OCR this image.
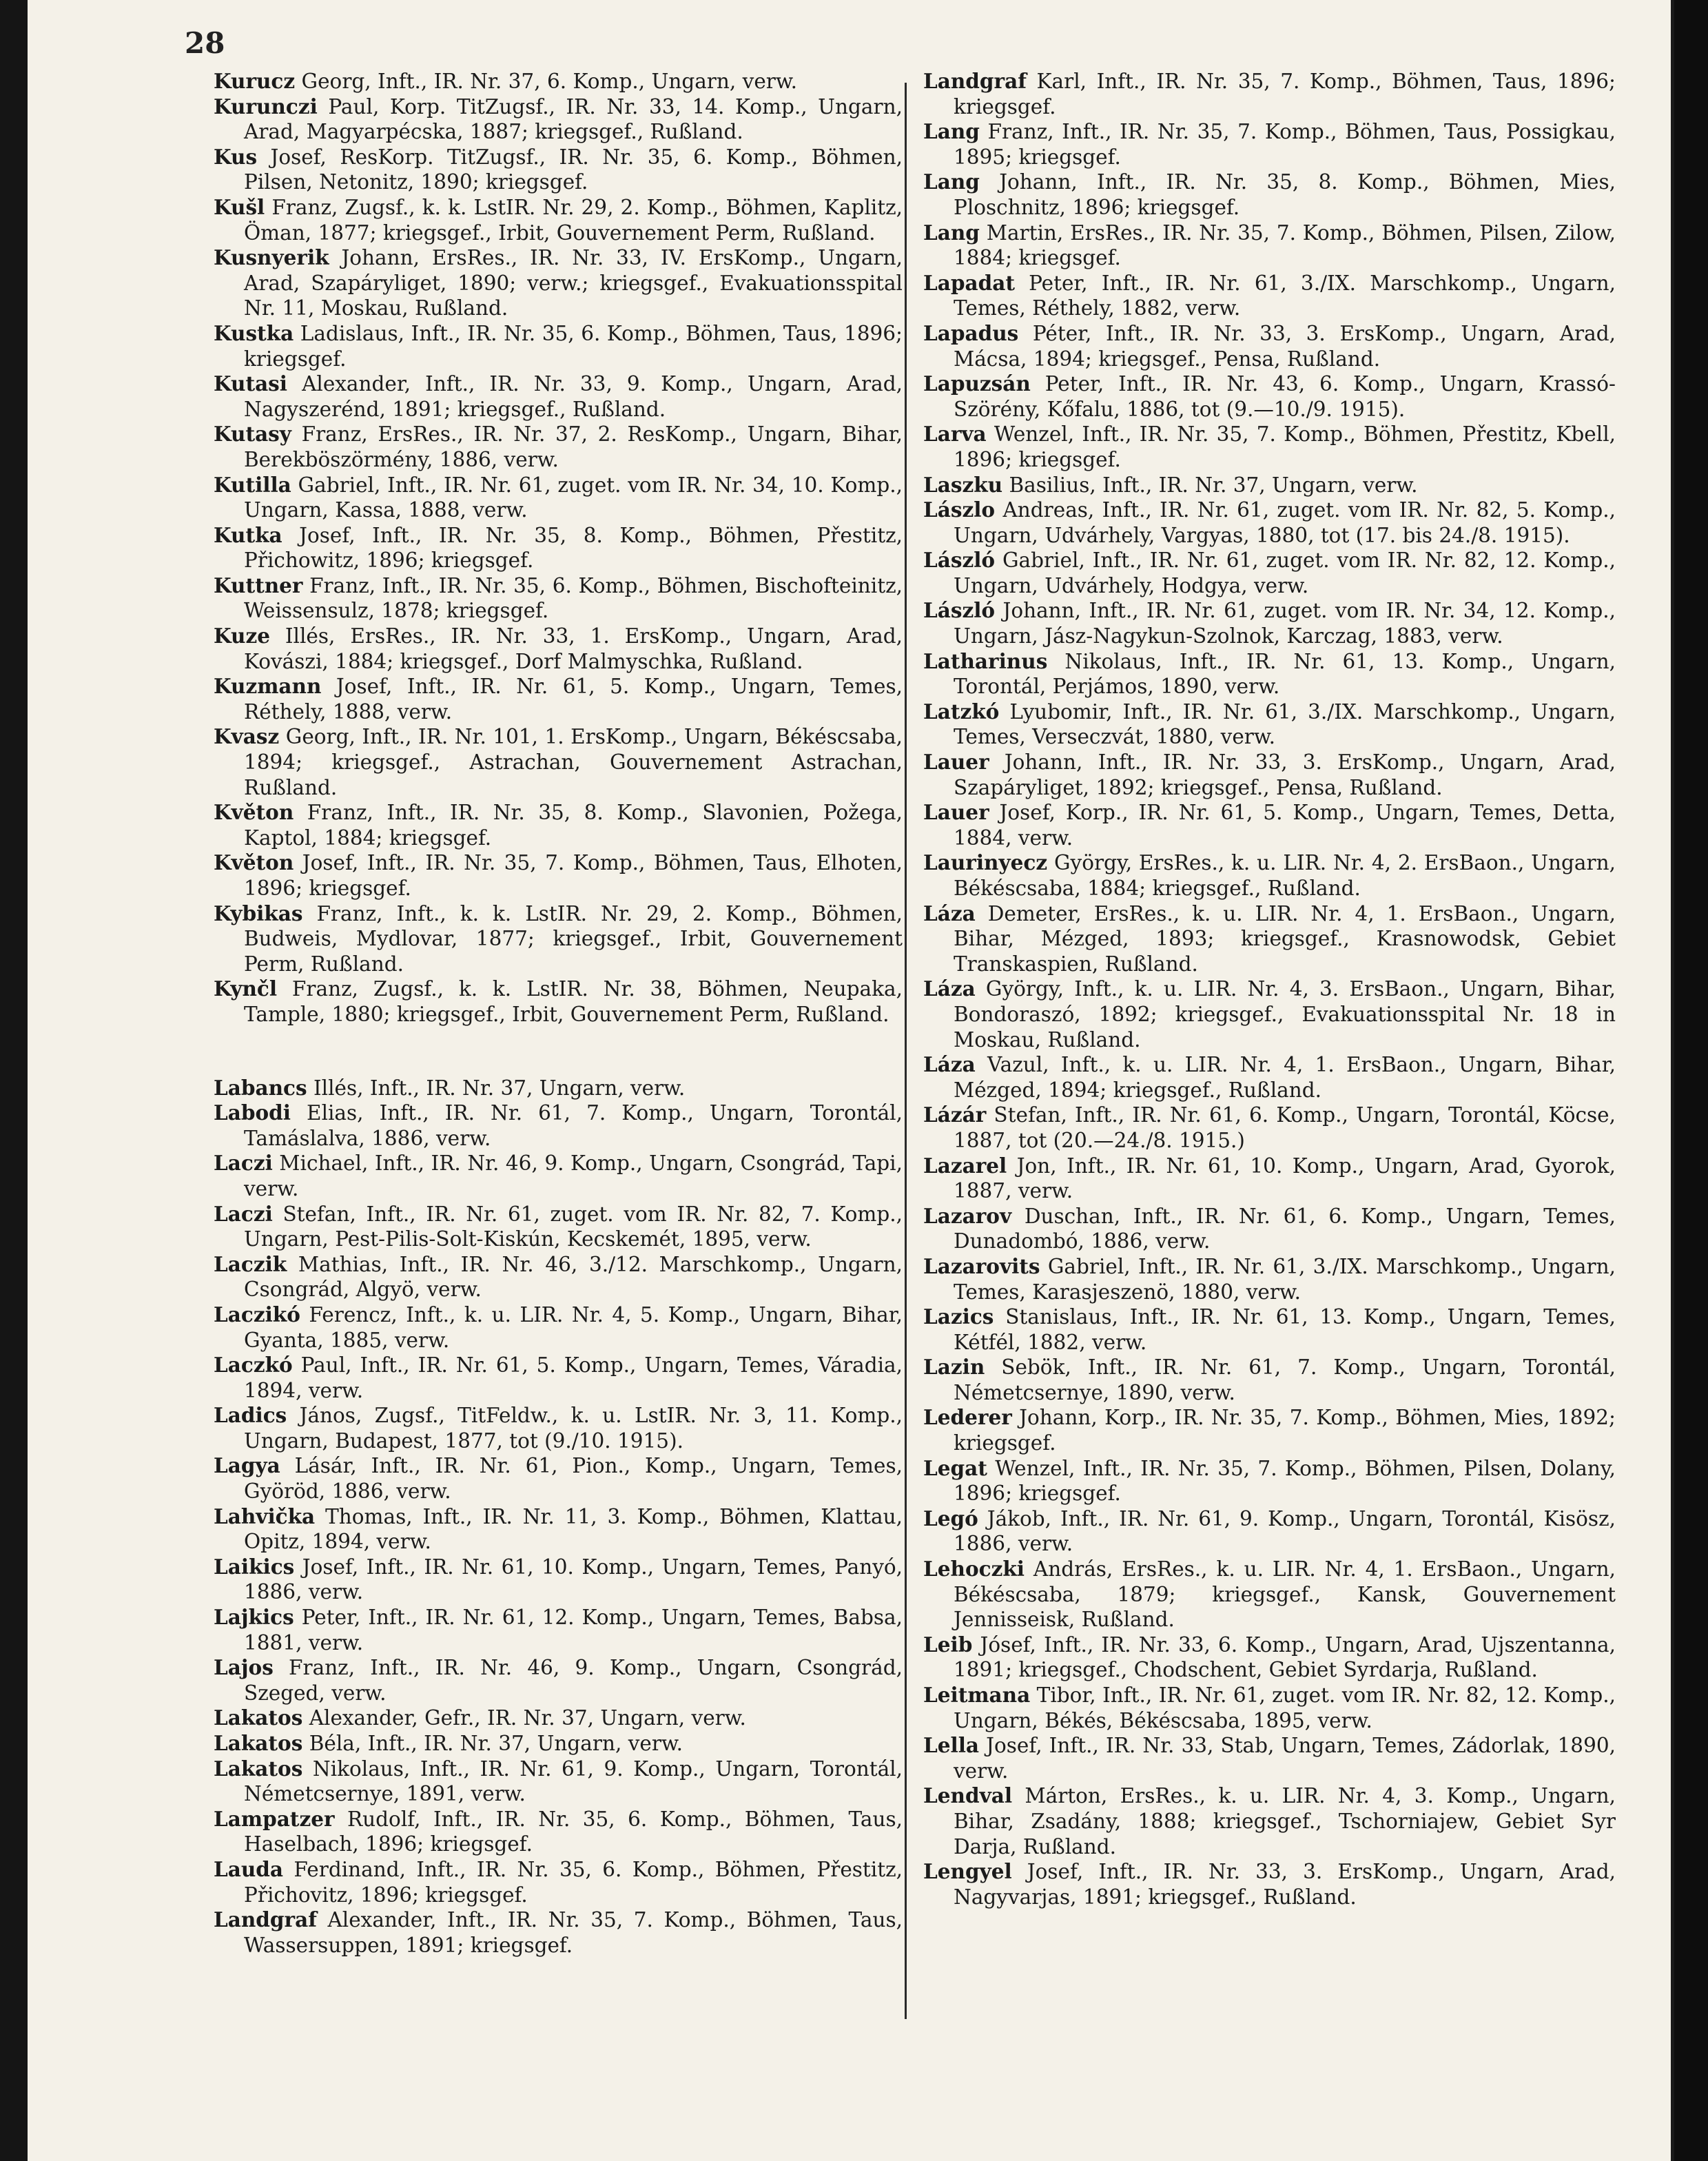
28

Kurucz Georg, Inft., IR. Nr. 37, 6. Komp., Ungarn, verw.

Kurunczi Paul, Korp. TitZugsf., IR. Nr. 33, 14. Komp., Ungarn, Arad, Magyarpécska, 1887; kriegsgef., Rußland.

Kus Josef, ResKorp. TitZugsf., IR. Nr. 35, 6. Komp., Böhmen, Pilsen, Netonitz, 1890; kriegsgef.

Kušl Franz, Zugsf., k. k. LstIR. Nr. 29, 2. Komp., Böhmen, Kaplitz, Öman, 1877; kriegsgef., Irbit, Gouvernement Perm, Rußland.

Kusnyerik Johann, ErsRes., IR. Nr. 33, IV. ErsKomp., Ungarn, Arad, Szapáryliget, 1890; verw.; kriegsgef., Evakuationsspital Nr. 11, Moskau, Rußland.

Kustka Ladislaus, Inft., IR. Nr. 35, 6. Komp., Böhmen, Taus, 1896; kriegsgef.

Kutasi Alexander, Inft., IR. Nr. 33, 9. Komp., Ungarn, Arad, Nagyszerénd, 1891; kriegsgef., Rußland.

Kutasy Franz, ErsRes., IR. Nr. 37, 2. ResKomp., Ungarn, Bihar, Berekböszörmény, 1886, verw.

Kutilla Gabriel, Inft., IR. Nr. 61, zuget. vom IR. Nr. 34, 10. Komp., Ungarn, Kassa, 1888, verw.

Kutka Josef, Inft., IR. Nr. 35, 8. Komp., Böhmen, Přestitz, Přichowitz, 1896; kriegsgef.

Kuttner Franz, Inft., IR. Nr. 35, 6. Komp., Böhmen, Bischofteinitz, Weissensulz, 1878; kriegsgef.

Kuze Illés, ErsRes., IR. Nr. 33, 1. ErsKomp., Ungarn, Arad, Kovászi, 1884; kriegsgef., Dorf Malmyschka, Rußland.

Kuzmann Josef, Inft., IR. Nr. 61, 5. Komp., Ungarn, Temes, Réthely, 1888, verw.

Kvasz Georg, Inft., IR. Nr. 101, 1. ErsKomp., Ungarn, Békéscsaba, 1894; kriegsgef., Astrachan, Gouvernement Astrachan, Rußland.

Květon Franz, Inft., IR. Nr. 35, 8. Komp., Slavonien, Požega, Kaptol, 1884; kriegsgef.

Květon Josef, Inft., IR. Nr. 35, 7. Komp., Böhmen, Taus, Elhoten, 1896; kriegsgef.

Kybikas Franz, Inft., k. k. LstIR. Nr. 29, 2. Komp., Böhmen, Budweis, Mydlovar, 1877; kriegsgef., Irbit, Gouvernement Perm, Rußland.

Kynčl Franz, Zugsf., k. k. LstIR. Nr. 38, Böhmen, Neupaka, Tample, 1880; kriegsgef., Irbit, Gouvernement Perm, Rußland.

Labancs Illés, Inft., IR. Nr. 37, Ungarn, verw.

Labodi Elias, Inft., IR. Nr. 61, 7. Komp., Ungarn, Torontál, Tamáslalva, 1886, verw.

Laczi Michael, Inft., IR. Nr. 46, 9. Komp., Ungarn, Csongrád, Tapi, verw.

Laczi Stefan, Inft., IR. Nr. 61, zuget. vom IR. Nr. 82, 7. Komp., Ungarn, Pest-Pilis-Solt-Kiskún, Kecskemét, 1895, verw.

Laczik Mathias, Inft., IR. Nr. 46, 3./12. Marschkomp., Ungarn, Csongrád, Algyö, verw.

Laczikó Ferencz, Inft., k. u. LIR. Nr. 4, 5. Komp., Ungarn, Bihar, Gyanta, 1885, verw.

Laczkó Paul, Inft., IR. Nr. 61, 5. Komp., Ungarn, Temes, Váradia, 1894, verw.

Ladics János, Zugsf., TitFeldw., k. u. LstIR. Nr. 3, 11. Komp., Ungarn, Budapest, 1877, tot (9./10. 1915).

Lagya Lásár, Inft., IR. Nr. 61, Pion., Komp., Ungarn, Temes, Györöd, 1886, verw.

Lahvička Thomas, Inft., IR. Nr. 11, 3. Komp., Böhmen, Klattau, Opitz, 1894, verw.

Laikics Josef, Inft., IR. Nr. 61, 10. Komp., Ungarn, Temes, Panyó, 1886, verw.

Lajkics Peter, Inft., IR. Nr. 61, 12. Komp., Ungarn, Temes, Babsa, 1881, verw.

Lajos Franz, Inft., IR. Nr. 46, 9. Komp., Ungarn, Csongrád, Szeged, verw.

Lakatos Alexander, Gefr., IR. Nr. 37, Ungarn, verw.

Lakatos Béla, Inft., IR. Nr. 37, Ungarn, verw.

Lakatos Nikolaus, Inft., IR. Nr. 61, 9. Komp., Ungarn, Torontál, Németcsernye, 1891, verw.

Lampatzer Rudolf, Inft., IR. Nr. 35, 6. Komp., Böhmen, Taus, Haselbach, 1896; kriegsgef.

Lauda Ferdinand, Inft., IR. Nr. 35, 6. Komp., Böhmen, Přestitz, Přichovitz, 1896; kriegsgef.

Landgraf Alexander, Inft., IR. Nr. 35, 7. Komp., Böhmen, Taus, Wassersuppen, 1891; kriegsgef.

Landgraf Karl, Inft., IR. Nr. 35, 7. Komp., Böhmen, Taus, 1896; kriegsgef.

Lang Franz, Inft., IR. Nr. 35, 7. Komp., Böhmen, Taus, Possigkau, 1895; kriegsgef.

Lang Johann, Inft., IR. Nr. 35, 8. Komp., Böhmen, Mies, Ploschnitz, 1896; kriegsgef.

Lang Martin, ErsRes., IR. Nr. 35, 7. Komp., Böhmen, Pilsen, Zilow, 1884; kriegsgef.

Lapadat Peter, Inft., IR. Nr. 61, 3./IX. Marschkomp., Ungarn, Temes, Réthely, 1882, verw.

Lapadus Péter, Inft., IR. Nr. 33, 3. ErsKomp., Ungarn, Arad, Mácsa, 1894; kriegsgef., Pensa, Rußland.

Lapuzsán Peter, Inft., IR. Nr. 43, 6. Komp., Ungarn, Krassó-Szörény, Kőfalu, 1886, tot (9.—10./9. 1915).

Larva Wenzel, Inft., IR. Nr. 35, 7. Komp., Böhmen, Přestitz, Kbell, 1896; kriegsgef.

Laszku Basilius, Inft., IR. Nr. 37, Ungarn, verw.

Lászlo Andreas, Inft., IR. Nr. 61, zuget. vom IR. Nr. 82, 5. Komp., Ungarn, Udvárhely, Vargyas, 1880, tot (17. bis 24./8. 1915).

László Gabriel, Inft., IR. Nr. 61, zuget. vom IR. Nr. 82, 12. Komp., Ungarn, Udvárhely, Hodgya, verw.

László Johann, Inft., IR. Nr. 61, zuget. vom IR. Nr. 34, 12. Komp., Ungarn, Jász-Nagykun-Szolnok, Karczag, 1883, verw.

Latharinus Nikolaus, Inft., IR. Nr. 61, 13. Komp., Ungarn, Torontál, Perjámos, 1890, verw.

Latzkó Lyubomir, Inft., IR. Nr. 61, 3./IX. Marschkomp., Ungarn, Temes, Verseczvát, 1880, verw.

Lauer Johann, Inft., IR. Nr. 33, 3. ErsKomp., Ungarn, Arad, Szapáryliget, 1892; kriegsgef., Pensa, Rußland.

Lauer Josef, Korp., IR. Nr. 61, 5. Komp., Ungarn, Temes, Detta, 1884, verw.

Laurinyecz György, ErsRes., k. u. LIR. Nr. 4, 2. ErsBaon., Ungarn, Békéscsaba, 1884; kriegsgef., Rußland.

Láza Demeter, ErsRes., k. u. LIR. Nr. 4, 1. ErsBaon., Ungarn, Bihar, Mézged, 1893; kriegsgef., Krasnowodsk, Gebiet Transkaspien, Rußland.

Láza György, Inft., k. u. LIR. Nr. 4, 3. ErsBaon., Ungarn, Bihar, Bondoraszó, 1892; kriegsgef., Evakuationsspital Nr. 18 in Moskau, Rußland.

Láza Vazul, Inft., k. u. LIR. Nr. 4, 1. ErsBaon., Ungarn, Bihar, Mézged, 1894; kriegsgef., Rußland.

Lázár Stefan, Inft., IR. Nr. 61, 6. Komp., Ungarn, Torontál, Köcse, 1887, tot (20.—24./8. 1915.)

Lazarel Jon, Inft., IR. Nr. 61, 10. Komp., Ungarn, Arad, Gyorok, 1887, verw.

Lazarov Duschan, Inft., IR. Nr. 61, 6. Komp., Ungarn, Temes, Dunadombó, 1886, verw.

Lazarovits Gabriel, Inft., IR. Nr. 61, 3./IX. Marschkomp., Ungarn, Temes, Karasjeszenö, 1880, verw.

Lazics Stanislaus, Inft., IR. Nr. 61, 13. Komp., Ungarn, Temes, Kétfél, 1882, verw.

Lazin Sebök, Inft., IR. Nr. 61, 7. Komp., Ungarn, Torontál, Németcsernye, 1890, verw.

Lederer Johann, Korp., IR. Nr. 35, 7. Komp., Böhmen, Mies, 1892; kriegsgef.

Legat Wenzel, Inft., IR. Nr. 35, 7. Komp., Böhmen, Pilsen, Dolany, 1896; kriegsgef.

Legó Jákob, Inft., IR. Nr. 61, 9. Komp., Ungarn, Torontál, Kisösz, 1886, verw.

Lehoczki András, ErsRes., k. u. LIR. Nr. 4, 1. ErsBaon., Ungarn, Békéscsaba, 1879; kriegsgef., Kansk, Gouvernement Jennisseisk, Rußland.

Leib Jósef, Inft., IR. Nr. 33, 6. Komp., Ungarn, Arad, Ujszentanna, 1891; kriegsgef., Chodschent, Gebiet Syrdarja, Rußland.

Leitmana Tibor, Inft., IR. Nr. 61, zuget. vom IR. Nr. 82, 12. Komp., Ungarn, Békés, Békéscsaba, 1895, verw.

Lella Josef, Inft., IR. Nr. 33, Stab, Ungarn, Temes, Zádorlak, 1890, verw.

Lendval Márton, ErsRes., k. u. LIR. Nr. 4, 3. Komp., Ungarn, Bihar, Zsadány, 1888; kriegsgef., Tschorniajew, Gebiet Syr Darja, Rußland.

Lengyel Josef, Inft., IR. Nr. 33, 3. ErsKomp., Ungarn, Arad, Nagyvarjas, 1891; kriegsgef., Rußland.
